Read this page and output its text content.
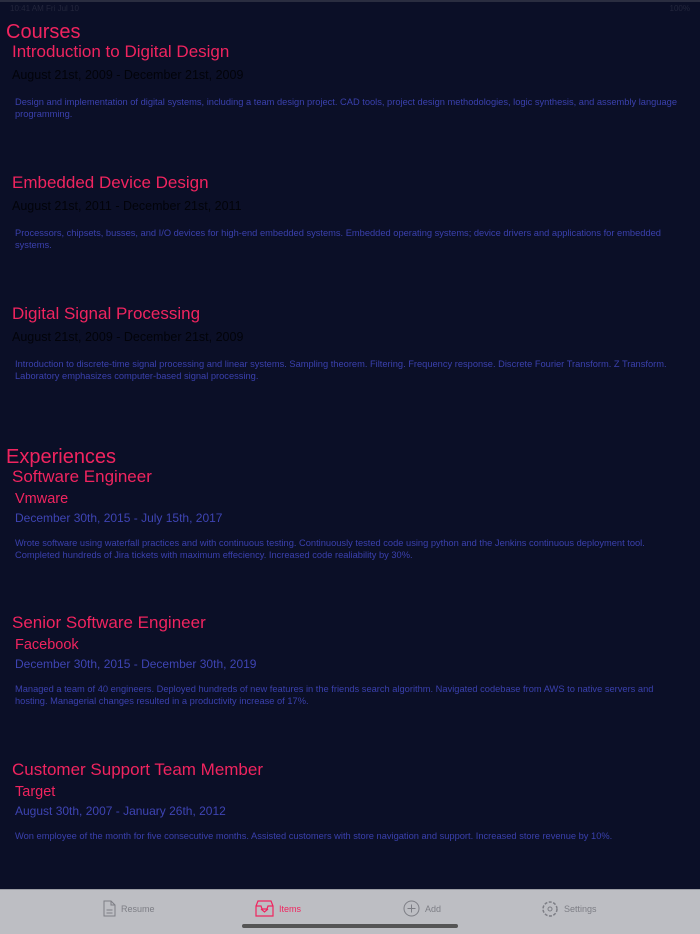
10:41 AM Fri Jul 10	100%
Courses
Introduction to Digital Design
August 21st, 2009 - December 21st, 2009
Design and implementation of digital systems, including a team design project. CAD tools, project design methodologies, logic synthesis, and assembly language programming.
Embedded Device Design
August 21st, 2011 - December 21st, 2011
Processors, chipsets, busses, and I/O devices for high-end embedded systems. Embedded operating systems; device drivers and applications for embedded systems.
Digital Signal Processing
August 21st, 2009 - December 21st, 2009
Introduction to discrete-time signal processing and linear systems. Sampling theorem. Filtering. Frequency response. Discrete Fourier Transform. Z Transform. Laboratory emphasizes computer-based signal processing.
Experiences
Software Engineer
Vmware
December 30th, 2015 - July 15th, 2017
Wrote software using waterfall practices and with continuous testing. Continuously tested code using python and the Jenkins continuous deployment tool. Completed hundreds of Jira tickets with maximum effeciency. Increased code realiability by 30%.
Senior Software Engineer
Facebook
December 30th, 2015 - December 30th, 2019
Managed a team of 40 engineers. Deployed hundreds of new features in the friends search algorithm. Navigated codebase from AWS to native servers and hosting. Managerial changes resulted in a productivity increase of 17%.
Customer Support Team Member
Target
August 30th, 2007 - January 26th, 2012
Won employee of the month for five consecutive months. Assisted customers with store navigation and support. Increased store revenue by 10%.
Resume	Items	Add	Settings
